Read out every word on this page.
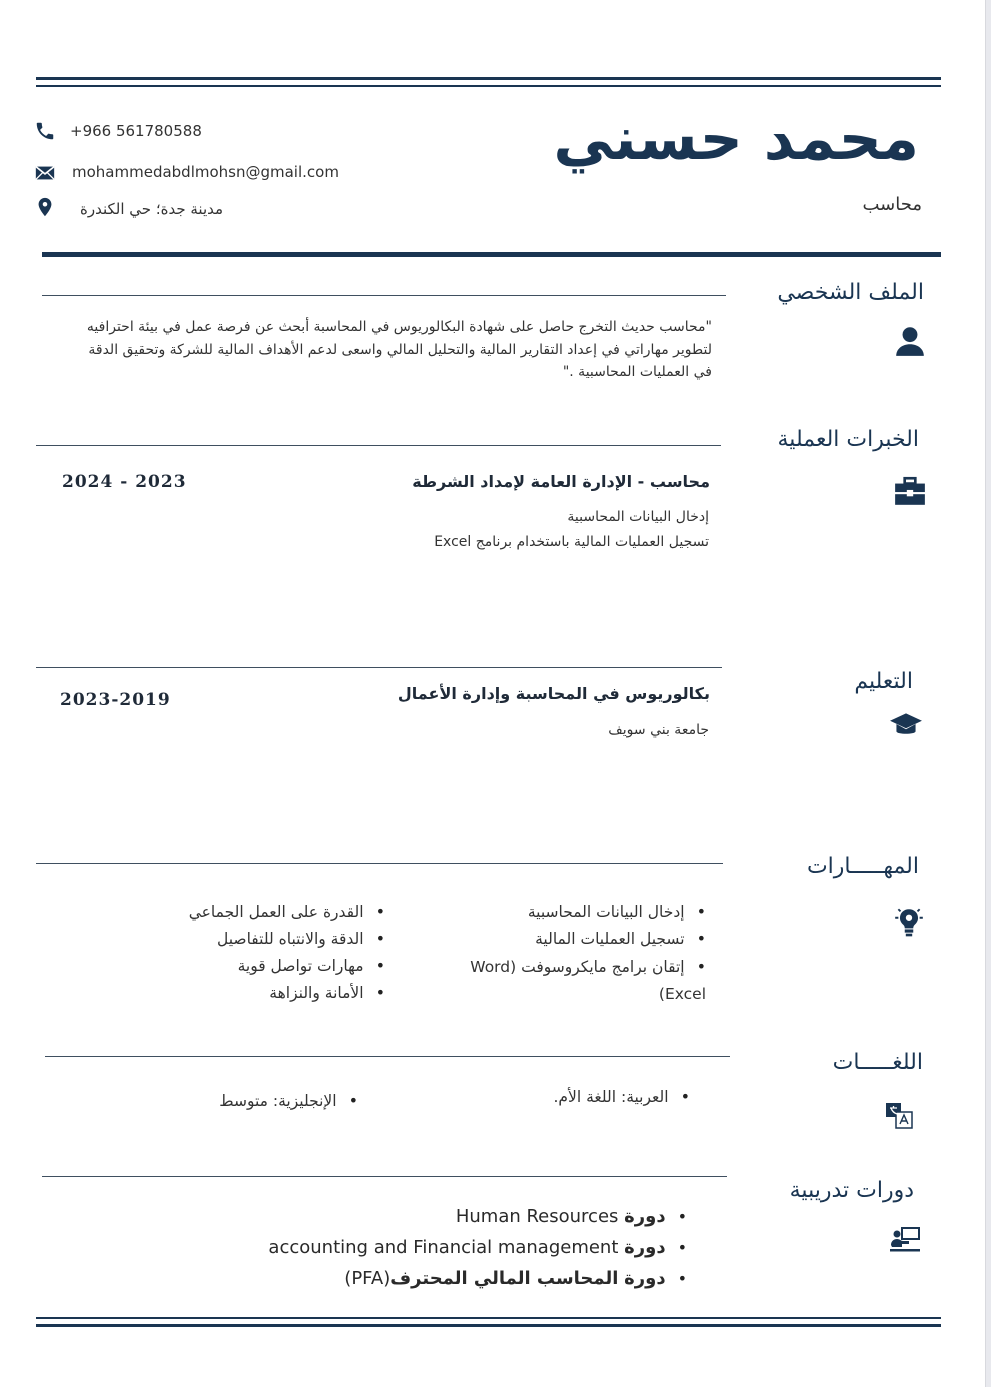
محمد حسني
محاسب
+966 561780588
mohammedabdlmohsn@gmail.com
مدينة جدة؛ حي الكندرة
الملف الشخصي
"محاسب حديث التخرج حاصل على شهادة البكالوريوس في المحاسبة أبحث عن فرصة عمل في بيئة احترافيه لتطوير مهاراتي في إعداد التقارير المالية والتحليل المالي واسعى لدعم الأهداف المالية للشركة وتحقيق الدقة في العمليات المحاسبية ."
الخبرات العملية
محاسب - الإدارة العامة لإمداد الشرطة
2024 - 2023
إدخال البيانات المحاسبية
تسجيل العمليات المالية باستخدام برنامج Excel
التعليم
بكالوريوس في المحاسبة وإدارة الأعمال
2023-2019
جامعة بني سويف
المهـــــارات
• إدخال البيانات المحاسبية
• تسجيل العمليات المالية
• إتقان برامج مايكروسوفت (Word Excel)
• القدرة على العمل الجماعي
• الدقة والانتباه للتفاصيل
• مهارات تواصل قوية
• الأمانة والنزاهة
اللغـــــات
• العربية: اللغة الأم.
• الإنجليزية: متوسط
دورات تدريبية
• دورة Human Resources
• دورة accounting and Financial management
• دورة المحاسب المالي المحترف(PFA)
